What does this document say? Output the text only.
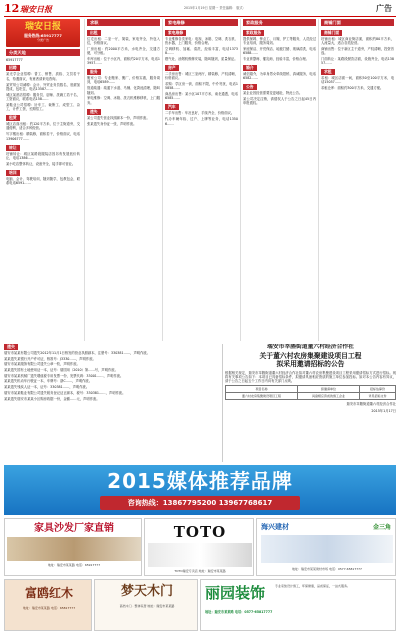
12 瑞安日报	2015年1月19日 星期一 责任编辑： 版式：	广告
瑞安日报
服务热线:65917777
分类广告
分类天地
65917777
招聘
某光学企业招聘：普工、销售、质检、文员若干名，待遇面议，有意者请来电咨询。
某贸易公司诚聘：会计、外贸业务员数名，底薪加提成，包吃住，电话13587……
城区某酒店招聘：服务员、厨师、洗碗工若干名，工资面议，联系电话158……
某鞋业公司招聘：针车工、裁断工、成型工、杂工，计件工资，长期招工。
租赁
城区店面出租：约120平方米，位于主街道旁，交通便利，适合多种经营。
写字楼出租：精装修，面积若干，价格面议，电话13906777……
转让
旺铺转让：城区某路段服装店因另有发展低价转让，电话1386……
某小吃店整体转让，设备齐全，接手即可营业。
培训
电脑、会计、驾驶培训，随到随学，包教包会，联系电话6591……
求职
出租
住宅出租：二室一厅，简装，家电齐全，拎包入住，价格面议。
厂房出租：约2000平方米，水电齐全，交通方便，可分租。
车库出租：位于小区内，面积约20平方米，电话13957……
服务
搬家公司：专业搬家、搬厂，价格实惠，服务周到，电话6589……
管道疏通：疏通下水道、马桶、化粪池清理，随叫随到。
家电维修：空调、冰箱、洗衣机维修移机，上门服务。
遗失
某公司遗失营业执照副本一份，声明作废。
张某遗失身份证一张，声明作废。
家电维修
家电维修
专业维修各类家电：电视、冰箱、空调、洗衣机、热水器，上门服务，价格合理。
空调移机、加氟、清洗，经验丰富，电话13738……
燃气灶、油烟机维修安装，随叫随到，质量保证。
房产
二手房出售：城区三室两厅，精装修，产权清晰，价格面议。
求购：学区房一套，面积不限，中介勿扰，电话15858……
商品房出售：某小区107平方米，南北通透，电话6585……
汽车
二手车出售：车况良好，手续齐全，价格面议。
代办车辆年检、过户、上牌等业务，电话13506……
家政服务
家政服务
提供保姆、钟点工、月嫂、护工等服务，人员经过专业培训，服务周到。
家庭保洁、开荒保洁、地板打蜡、玻璃清洗，电话6588……
专业育婴师、催乳师，经验丰富，价格合理。
婚介
诚信婚介，为单身男女牵线搭桥，真诚服务，电话6582……
公告
某企业因经营需要变更地址，特此公告。
某公司决定注销，请债权人于公告之日起45日内申报债权。
商铺门面
商铺门面
旺铺出租：城区商业街店面，面积约80平方米，人流量大，适合各类经营。
商铺出售：位于新区主干道旁，产权清晰，投资首选。
门面转让：某路段餐饮店面，设施齐全，电话13857……
求租
求租：城区店面一间，面积50至100平方米，电话15057……
求租仓库：面积约300平方米，交通方便。
遗失
瑞安市某某有限公司遗失2012年11月1日核发的营业执照副本，注册号：330381……，声明作废。
某某遗失某银行开户许可证，核准号：J3330……，声明作废。
瑞安市某某服饰有限公司遗失公章一枚，声明作废。
某某遗失国有土地使用证一本，证号：瑞国用（2010）第……号，声明作废。
瑞安市某某机械厂遗失增值税专用发票一份，发票代码：33001……，声明作废。
某某遗失机动车行驶证一本，车牌号：浙C……，声明作废。
某某遗失残疾人证一本，证号：330381……，声明作废。
瑞安市某某鞋业有限公司遗失税务登记证正副本，税号：330381……，声明作废。
某某遗失瑞安市某某小区购房收据一份，金额……元，声明作废。
瑞安市莘塍街道董六村经济合作社
关于董六村农房集聚建设项目工程
拟采用邀请招标的公告
根据相关规定，瑞安市莘塍街道董六村经济合作社拟对董六村农房集聚建设项目工程采用邀请招标方式进行招标。现将有关事项公告如下：本项目已具备招标条件，拟邀请具备相应资质的施工单位参加投标。如对本公告内容有异议，请于公告之日起五个工作日内向有关部门反映。
项目名称	拟邀请单位	招标估算价
董六村农房集聚建设项目工程	具备相应资质的施工企业	详见招标文件
瑞安市莘塍街道董六村经济合作社
2015年1月17日
2015媒体推荐品牌
咨询热线：13867795200 13967768617
家具沙发厂家直销
地址：瑞安市某某路 电话：65917777
TOTO
TOTO瑞安专卖店 地址：瑞安市某某路
海兴建材	金三角
地址：瑞安市某某建材市场 电话：0577-65817777
富鸥红木
地址：瑞安市某某路 电话：65817777
梦天木门
高档木门 · 整体家居 地址：瑞安市某某路
丽园装饰	专业家装设计施工，环保健康，品质保证，一站式服务。
地址：瑞安市某某路 电话：0577-65817777
